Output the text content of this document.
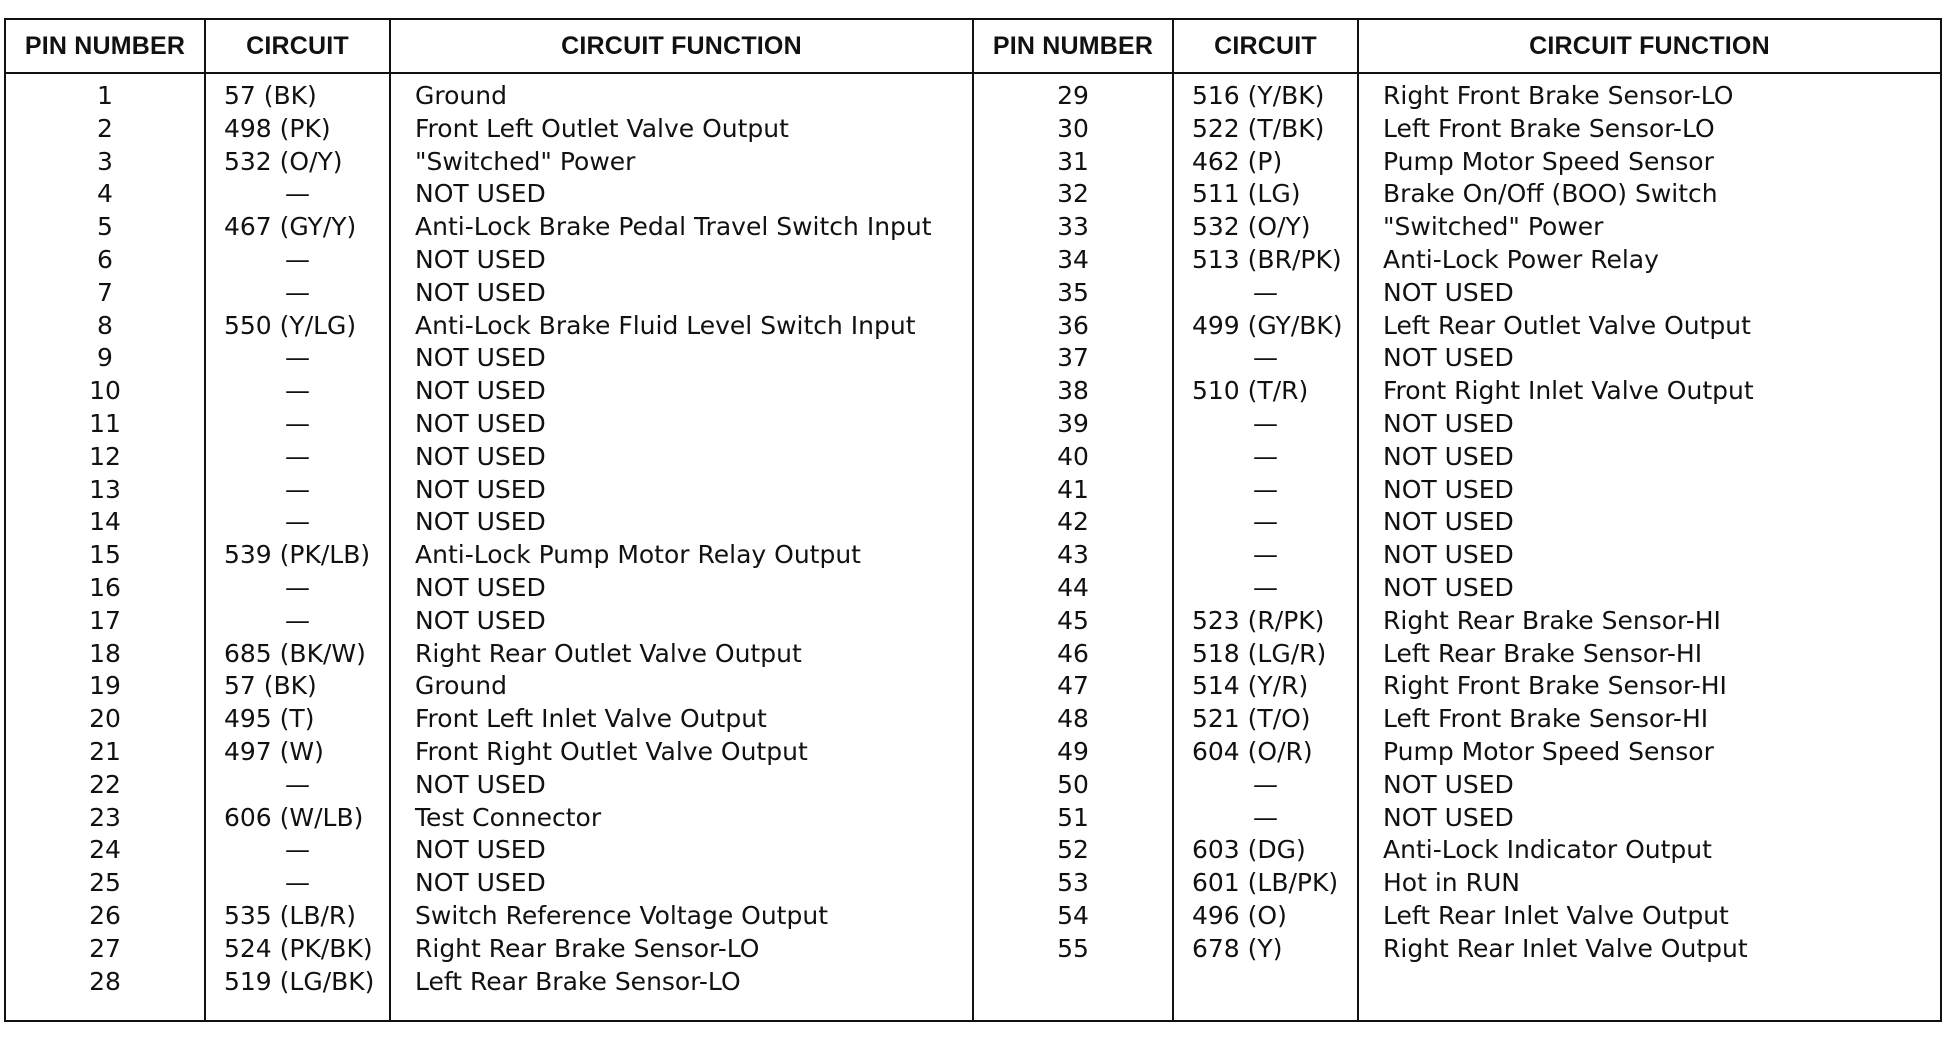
PIN NUMBER	CIRCUIT	CIRCUIT FUNCTION	PIN NUMBER	CIRCUIT	CIRCUIT FUNCTION
1	57 (BK)	Ground	29	516 (Y/BK)	Right Front Brake Sensor-LO
2	498 (PK)	Front Left Outlet Valve Output	30	522 (T/BK)	Left Front Brake Sensor-LO
3	532 (O/Y)	"Switched" Power	31	462 (P)	Pump Motor Speed Sensor
4	—	NOT USED	32	511 (LG)	Brake On/Off (BOO) Switch
5	467 (GY/Y)	Anti-Lock Brake Pedal Travel Switch Input	33	532 (O/Y)	"Switched" Power
6	—	NOT USED	34	513 (BR/PK)	Anti-Lock Power Relay
7	—	NOT USED	35	—	NOT USED
8	550 (Y/LG)	Anti-Lock Brake Fluid Level Switch Input	36	499 (GY/BK)	Left Rear Outlet Valve Output
9	—	NOT USED	37	—	NOT USED
10	—	NOT USED	38	510 (T/R)	Front Right Inlet Valve Output
11	—	NOT USED	39	—	NOT USED
12	—	NOT USED	40	—	NOT USED
13	—	NOT USED	41	—	NOT USED
14	—	NOT USED	42	—	NOT USED
15	539 (PK/LB)	Anti-Lock Pump Motor Relay Output	43	—	NOT USED
16	—	NOT USED	44	—	NOT USED
17	—	NOT USED	45	523 (R/PK)	Right Rear Brake Sensor-HI
18	685 (BK/W)	Right Rear Outlet Valve Output	46	518 (LG/R)	Left Rear Brake Sensor-HI
19	57 (BK)	Ground	47	514 (Y/R)	Right Front Brake Sensor-HI
20	495 (T)	Front Left Inlet Valve Output	48	521 (T/O)	Left Front Brake Sensor-HI
21	497 (W)	Front Right Outlet Valve Output	49	604 (O/R)	Pump Motor Speed Sensor
22	—	NOT USED	50	—	NOT USED
23	606 (W/LB)	Test Connector	51	—	NOT USED
24	—	NOT USED	52	603 (DG)	Anti-Lock Indicator Output
25	—	NOT USED	53	601 (LB/PK)	Hot in RUN
26	535 (LB/R)	Switch Reference Voltage Output	54	496 (O)	Left Rear Inlet Valve Output
27	524 (PK/BK)	Right Rear Brake Sensor-LO	55	678 (Y)	Right Rear Inlet Valve Output
28	519 (LG/BK)	Left Rear Brake Sensor-LO			
